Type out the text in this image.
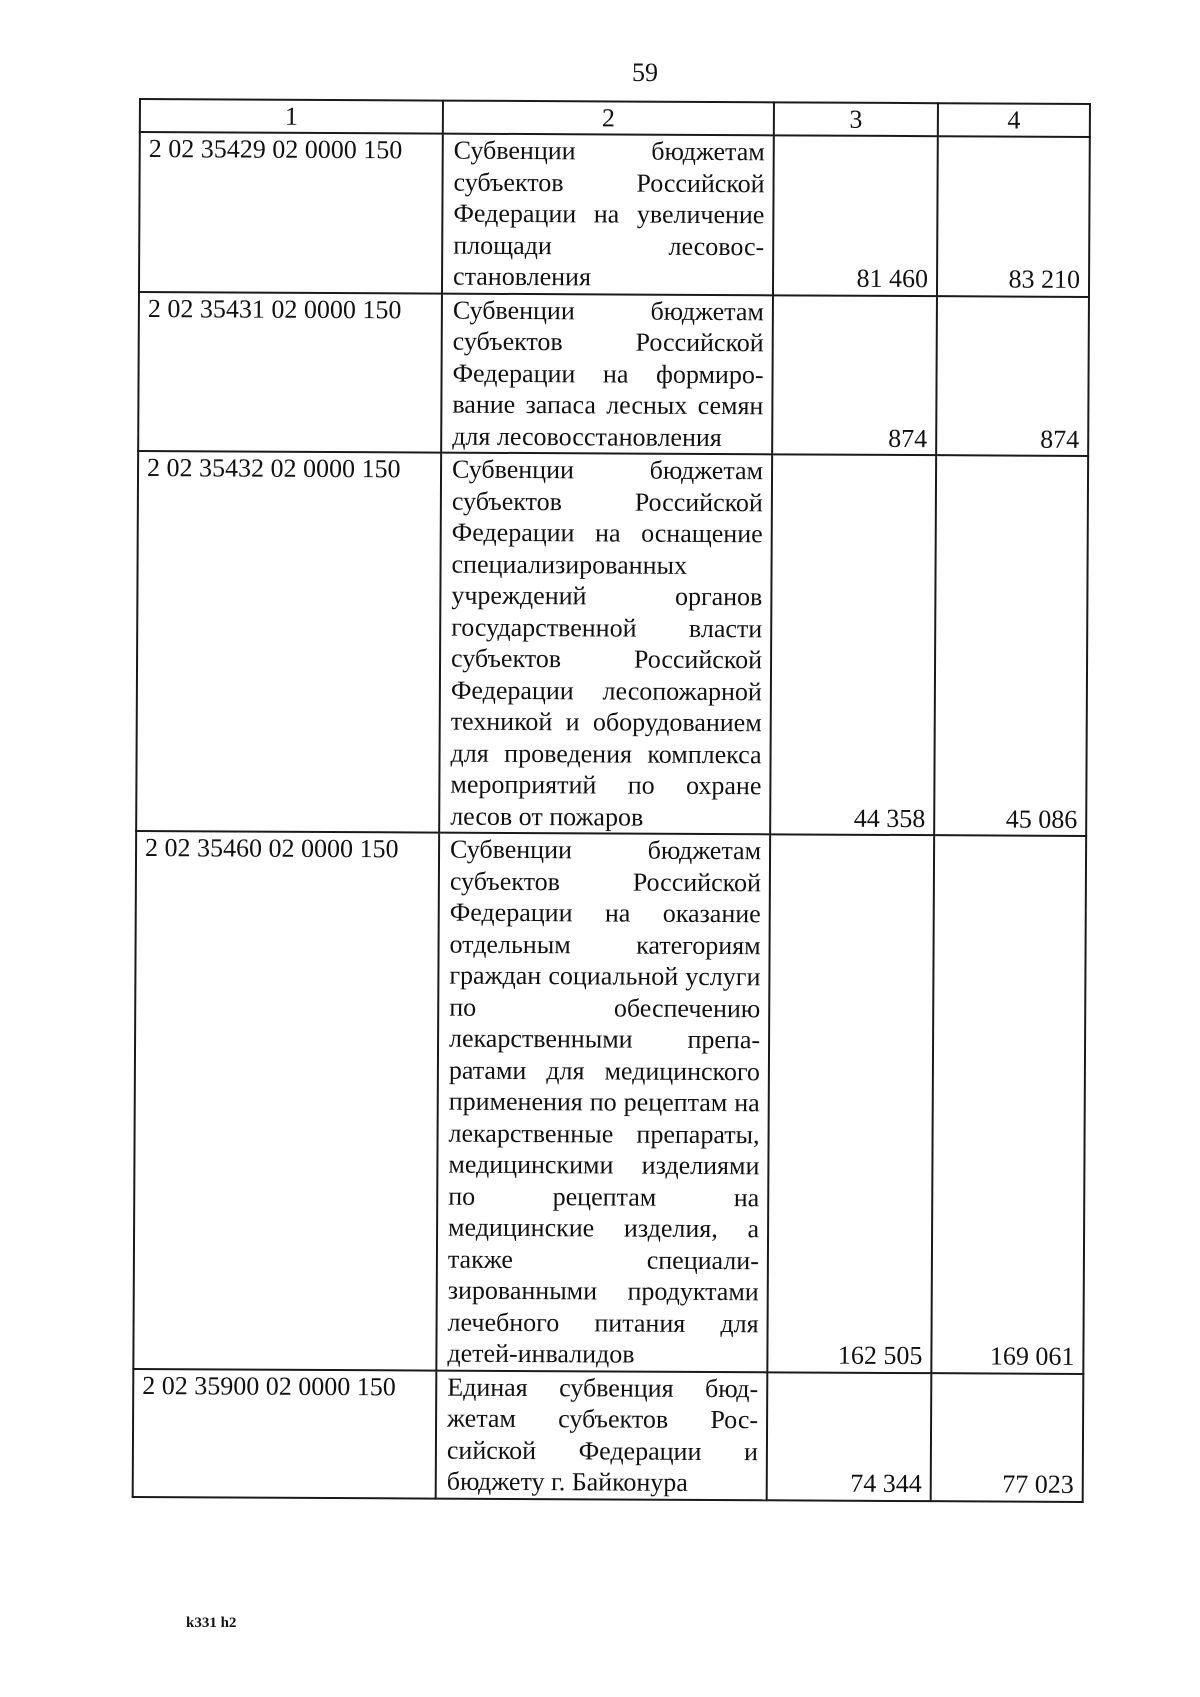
59
1	2	3	4
2 02 35429 02 0000 150	Субвенции бюджетам субъектов Российской Федерации на увеличение площади лесовосстановления	81 460	83 210
2 02 35431 02 0000 150	Субвенции бюджетам субъектов Российской Федерации на формирование запаса лесных семян для лесовосстановления	874	874
2 02 35432 02 0000 150	Субвенции бюджетам субъектов Российской Федерации на оснащение специализированных учреждений органов государственной власти субъектов Российской Федерации лесопожарной техникой и оборудованием для проведения комплекса мероприятий по охране лесов от пожаров	44 358	45 086
2 02 35460 02 0000 150	Субвенции бюджетам субъектов Российской Федерации на оказание отдельным категориям граждан социальной услуги по обеспечению лекарственными препаратами для медицинского применения по рецептам на лекарственные препараты, медицинскими изделиями по рецептам на медицинские изделия, а также специализированными продуктами лечебного питания для детей-инвалидов	162 505	169 061
2 02 35900 02 0000 150	Единая субвенция бюджетам субъектов Российской Федерации и бюджету г. Байконура	74 344	77 023
k331 h2
